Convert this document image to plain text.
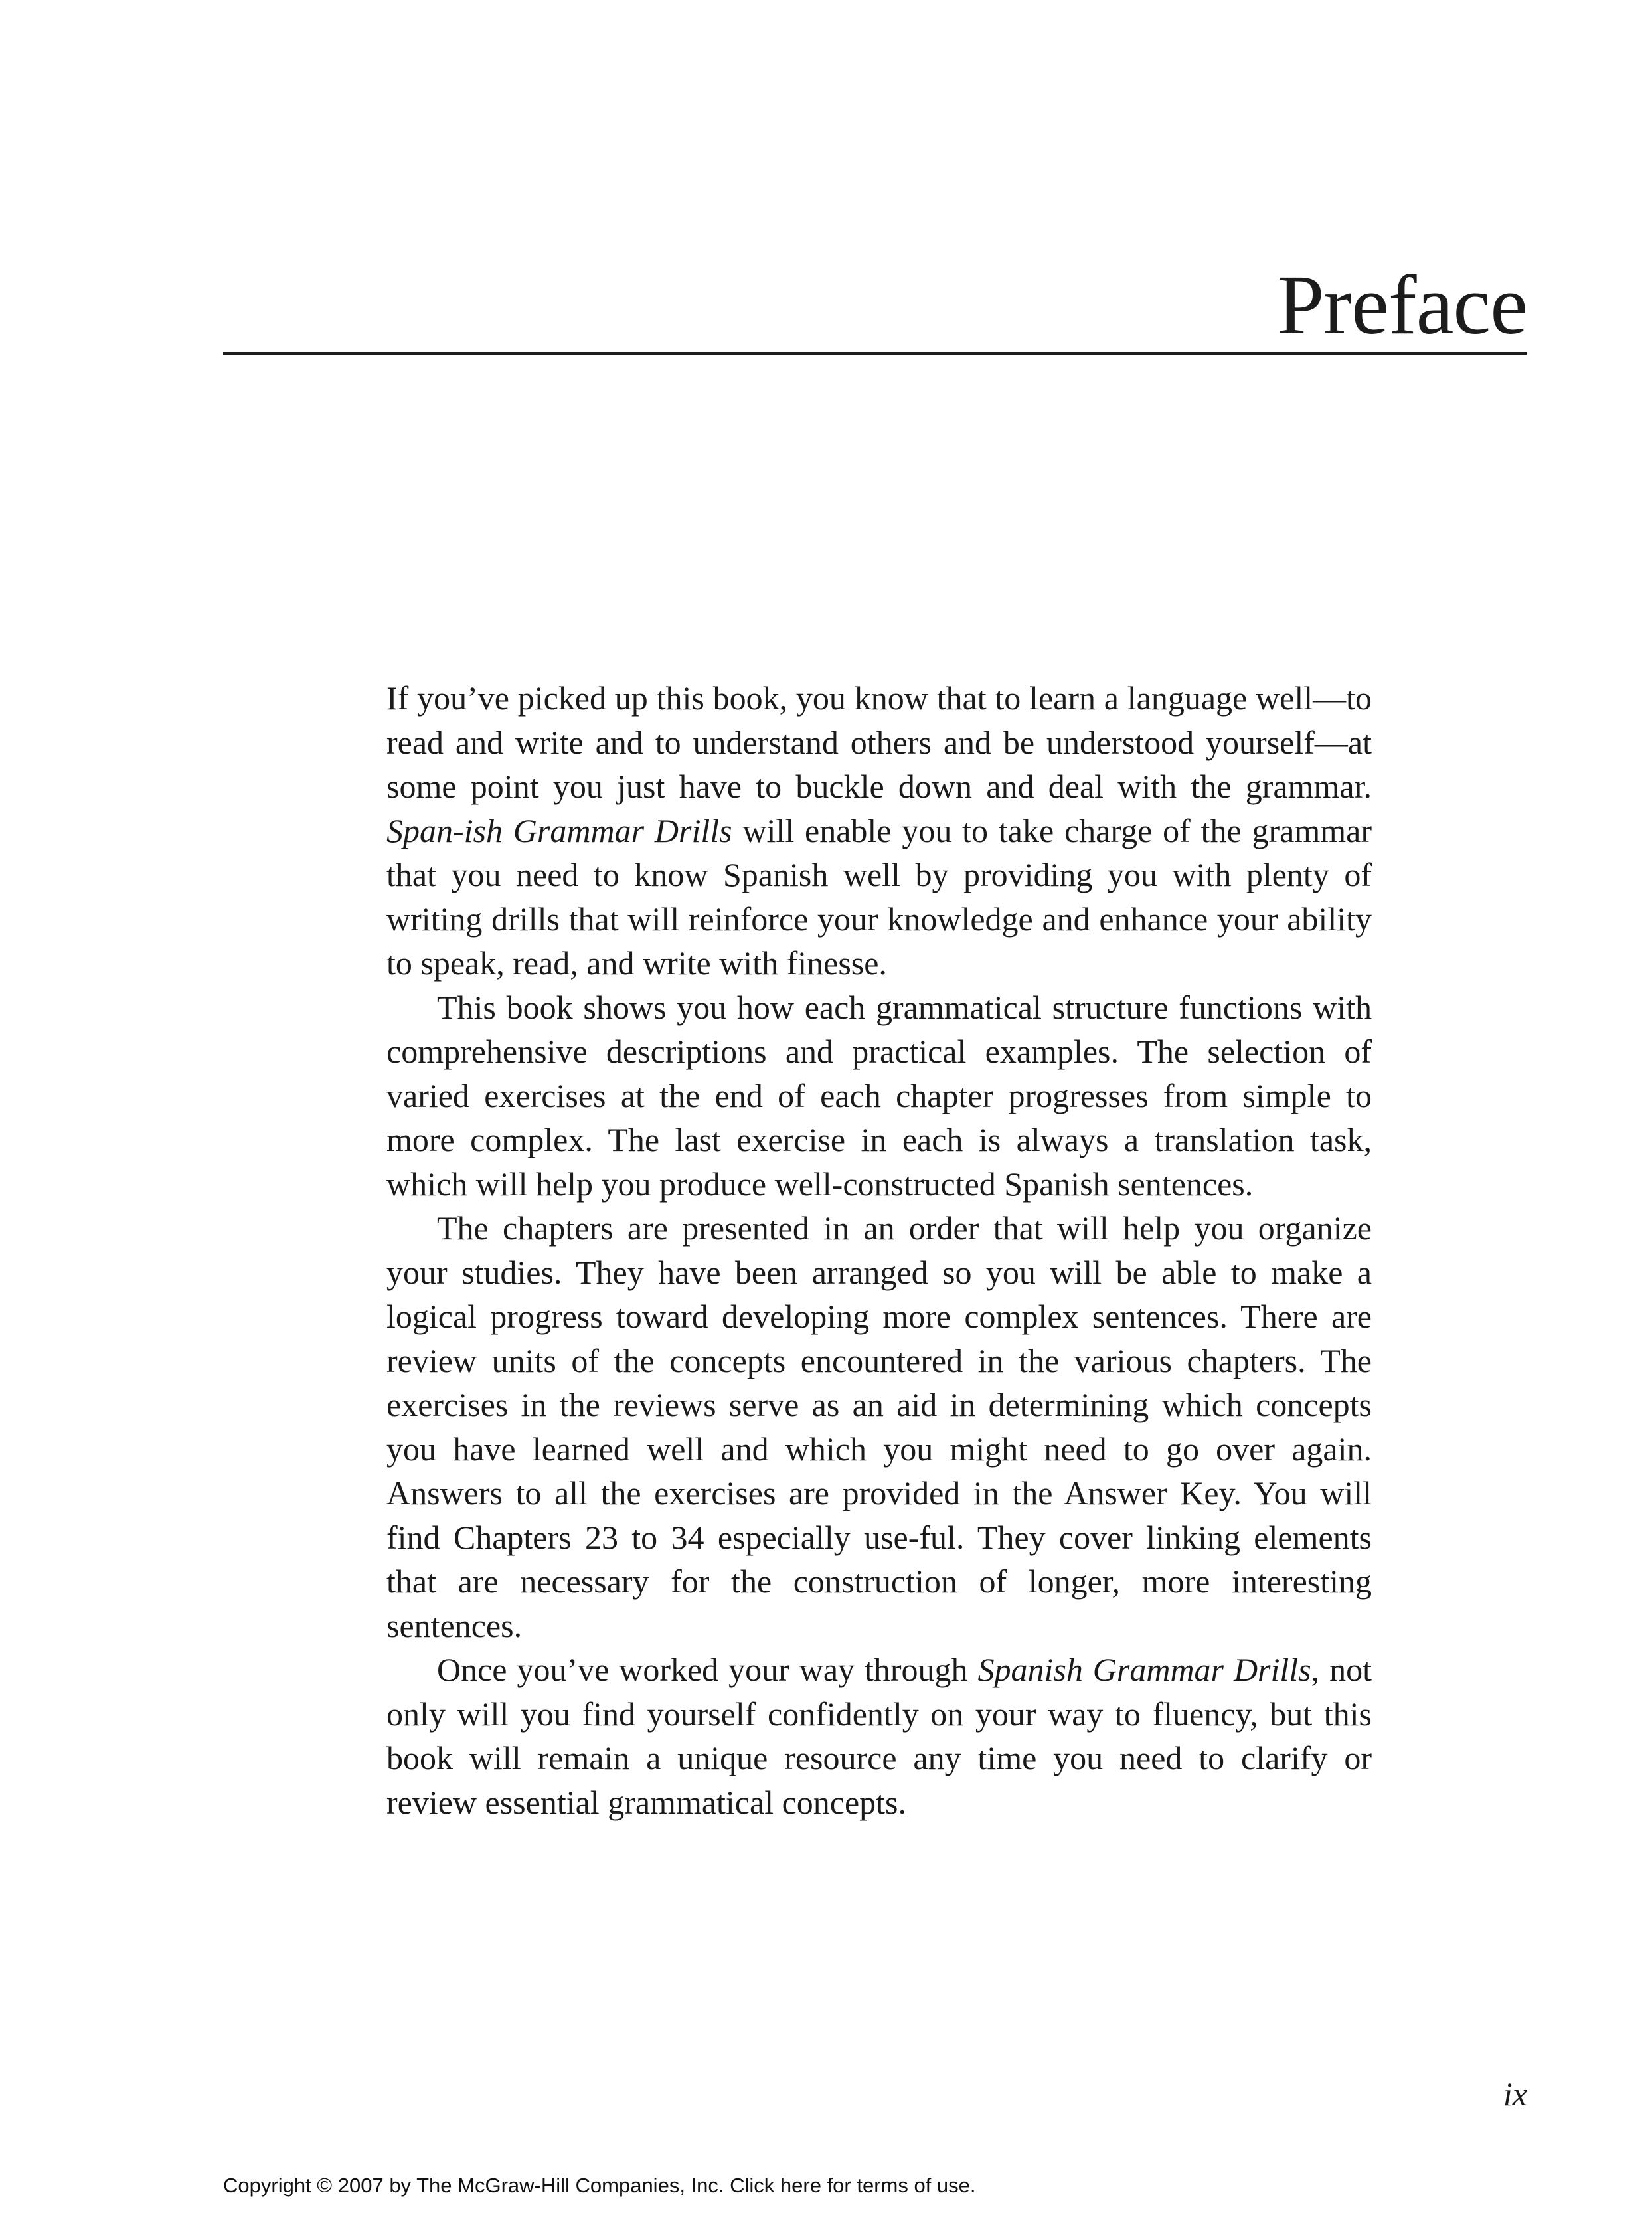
Preface

If you’ve picked up this book, you know that to learn a language well—to read and write and to understand others and be understood yourself—at some point you just have to buckle down and deal with the grammar. Span-ish Grammar Drills will enable you to take charge of the grammar that you need to know Spanish well by providing you with plenty of writing drills that will reinforce your knowledge and enhance your ability to speak, read, and write with finesse.

This book shows you how each grammatical structure functions with comprehensive descriptions and practical examples. The selection of varied exercises at the end of each chapter progresses from simple to more complex. The last exercise in each is always a translation task, which will help you produce well-constructed Spanish sentences.

The chapters are presented in an order that will help you organize your studies. They have been arranged so you will be able to make a logical progress toward developing more complex sentences. There are review units of the concepts encountered in the various chapters. The exercises in the reviews serve as an aid in determining which concepts you have learned well and which you might need to go over again. Answers to all the exercises are provided in the Answer Key. You will find Chapters 23 to 34 especially use-ful. They cover linking elements that are necessary for the construction of longer, more interesting sentences.

Once you’ve worked your way through Spanish Grammar Drills, not only will you find yourself confidently on your way to fluency, but this book will remain a unique resource any time you need to clarify or review essential grammatical concepts.

ix
Copyright © 2007 by The McGraw-Hill Companies, Inc. Click here for terms of use.
